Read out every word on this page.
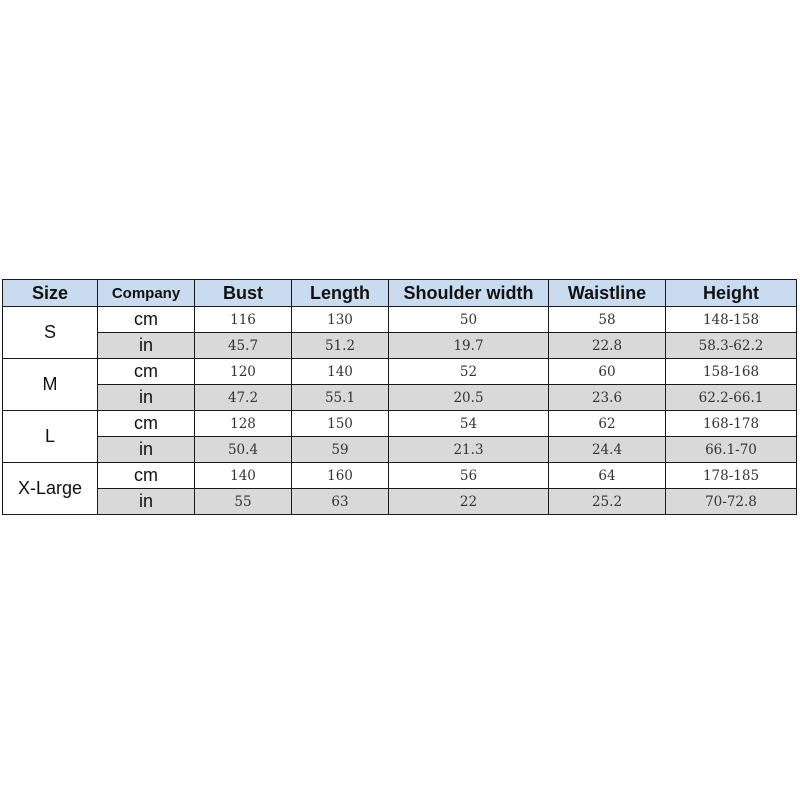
Size	Company	Bust	Length	Shoulder width	Waistline	Height
S	cm	116	130	50	58	148-158
	in	45.7	51.2	19.7	22.8	58.3-62.2
M	cm	120	140	52	60	158-168
	in	47.2	55.1	20.5	23.6	62.2-66.1
L	cm	128	150	54	62	168-178
	in	50.4	59	21.3	24.4	66.1-70
X-Large	cm	140	160	56	64	178-185
	in	55	63	22	25.2	70-72.8
